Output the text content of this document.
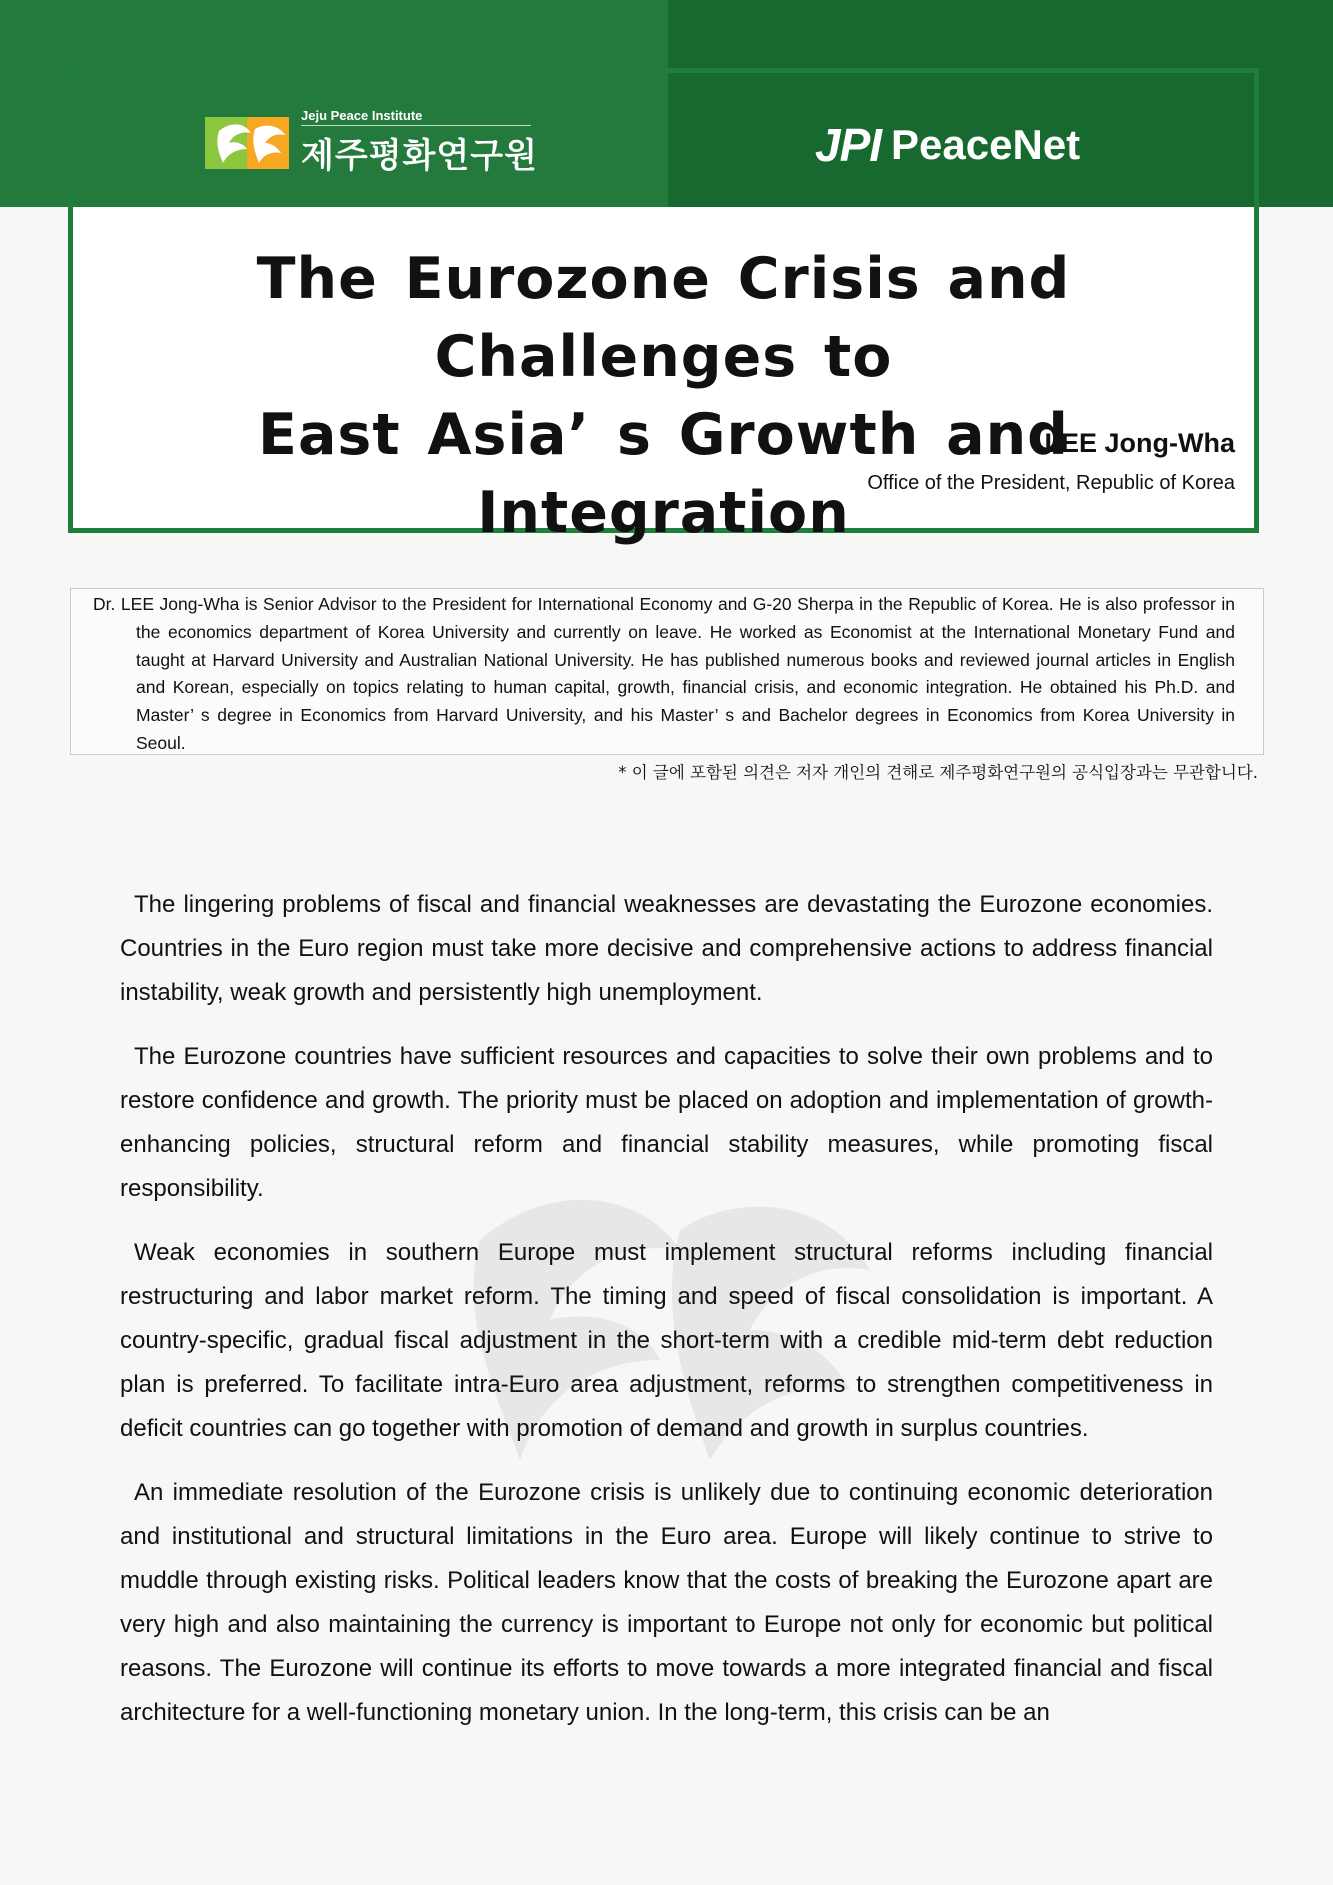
Jeju Peace Institute
제주평화연구원	JPI PeaceNet
The Eurozone Crisis and Challenges to
East Asia’ s Growth and Integration
LEE Jong-Wha
Office of the President, Republic of Korea
Dr. LEE Jong-Wha is Senior Advisor to the President for International Economy and G-20 Sherpa in the Republic of Korea. He is also professor in the economics department of Korea University and currently on leave. He worked as Economist at the International Monetary Fund and taught at Harvard University and Australian National University. He has published numerous books and reviewed journal articles in English and Korean, especially on topics relating to human capital, growth, financial crisis, and economic integration. He obtained his Ph.D. and Master’ s degree in Economics from Harvard University, and his Master’ s and Bachelor degrees in Economics from Korea University in Seoul.
* 이 글에 포함된 의견은 저자 개인의 견해로 제주평화연구원의 공식입장과는 무관합니다.

The lingering problems of fiscal and financial weaknesses are devastating the Eurozone economies. Countries in the Euro region must take more decisive and comprehensive actions to address financial instability, weak growth and persistently high unemployment.

The Eurozone countries have sufficient resources and capacities to solve their own problems and to restore confidence and growth. The priority must be placed on adoption and implementation of growth-enhancing policies, structural reform and financial stability measures, while promoting fiscal responsibility.

Weak economies in southern Europe must implement structural reforms including financial restructuring and labor market reform. The timing and speed of fiscal consolidation is important. A country-specific, gradual fiscal adjustment in the short-term with a credible mid-term debt reduction plan is preferred. To facilitate intra-Euro area adjustment, reforms to strengthen competitiveness in deficit countries can go together with promotion of demand and growth in surplus countries.

An immediate resolution of the Eurozone crisis is unlikely due to continuing economic deterioration and institutional and structural limitations in the Euro area. Europe will likely continue to strive to muddle through existing risks. Political leaders know that the costs of breaking the Eurozone apart are very high and also maintaining the currency is important to Europe not only for economic but political reasons. The Eurozone will continue its efforts to move towards a more integrated financial and fiscal architecture for a well-functioning monetary union. In the long-term, this crisis can be an
